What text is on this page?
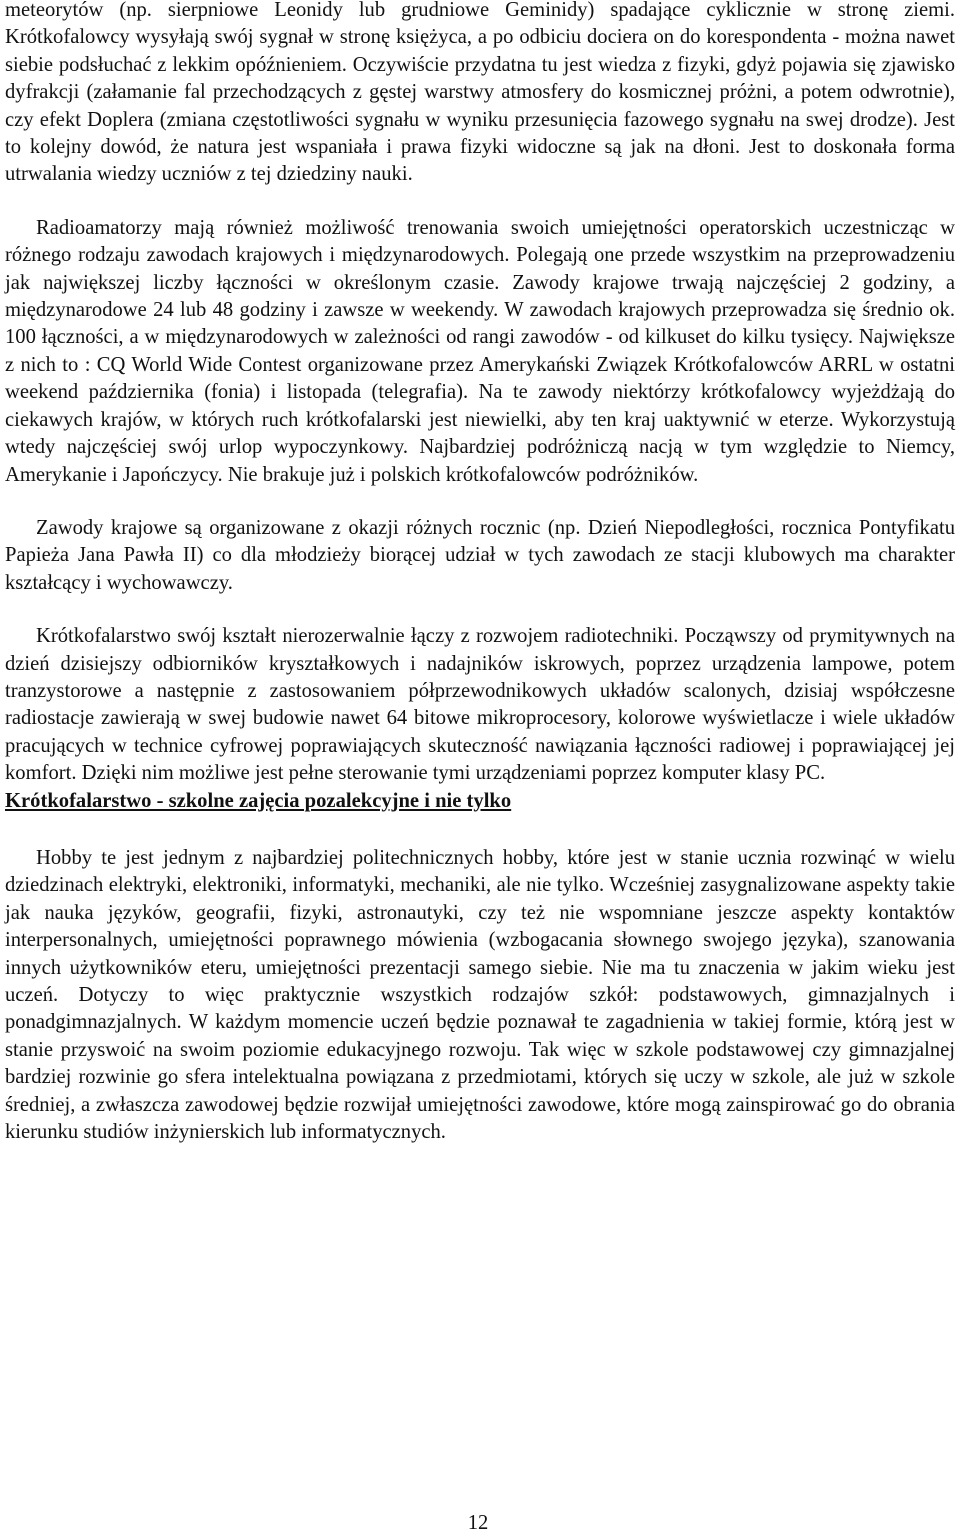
meteorytów (np. sierpniowe Leonidy lub grudniowe Geminidy) spadające cyklicznie w stronę ziemi. Krótkofalowcy wysyłają swój sygnał w stronę księżyca, a po odbiciu dociera on do korespondenta - można nawet siebie podsłuchać z lekkim opóźnieniem. Oczywiście przydatna tu jest wiedza z fizyki, gdyż pojawia się zjawisko dyfrakcji (załamanie fal przechodzących z gęstej warstwy atmosfery do kosmicznej próżni, a potem odwrotnie), czy efekt Doplera (zmiana częstotliwości sygnału w wyniku przesunięcia fazowego sygnału na swej drodze). Jest to kolejny dowód, że natura jest wspaniała i prawa fizyki widoczne są jak na dłoni. Jest to doskonała forma utrwalania wiedzy uczniów z tej dziedziny nauki.

Radioamatorzy mają również możliwość trenowania swoich umiejętności operatorskich uczestnicząc w różnego rodzaju zawodach krajowych i międzynarodowych. Polegają one przede wszystkim na przeprowadzeniu jak największej liczby łączności w określonym czasie. Zawody krajowe trwają najczęściej 2 godziny, a międzynarodowe 24 lub 48 godziny i zawsze w weekendy. W zawodach krajowych przeprowadza się średnio ok. 100 łączności, a w międzynarodowych w zależności od rangi zawodów - od kilkuset do kilku tysięcy. Największe z nich to : CQ World Wide Contest organizowane przez Amerykański Związek Krótkofalowców ARRL w ostatni weekend października (fonia) i listopada (telegrafia). Na te zawody niektórzy krótkofalowcy wyjeżdżają do ciekawych krajów, w których ruch krótkofalarski jest niewielki, aby ten kraj uaktywnić w eterze. Wykorzystują wtedy najczęściej swój urlop wypoczynkowy. Najbardziej podróżniczą nacją w tym względzie to Niemcy, Amerykanie i Japończycy. Nie brakuje już i polskich krótkofalowców podróżników.

Zawody krajowe są organizowane z okazji różnych rocznic (np. Dzień Niepodległości, rocznica Pontyfikatu Papieża Jana Pawła II) co dla młodzieży biorącej udział w tych zawodach ze stacji klubowych ma charakter kształcący i wychowawczy.

Krótkofalarstwo swój kształt nierozerwalnie łączy z rozwojem radiotechniki. Począwszy od prymitywnych na dzień dzisiejszy odbiorników kryształkowych i nadajników iskrowych, poprzez urządzenia lampowe, potem tranzystorowe a następnie z zastosowaniem półprzewodnikowych układów scalonych, dzisiaj współczesne radiostacje zawierają w swej budowie nawet 64 bitowe mikroprocesory, kolorowe wyświetlacze i wiele układów pracujących w technice cyfrowej poprawiających skuteczność nawiązania łączności radiowej i poprawiającej jej komfort. Dzięki nim możliwe jest pełne sterowanie tymi urządzeniami poprzez komputer klasy PC.

Krótkofalarstwo - szkolne zajęcia pozalekcyjne i nie tylko

Hobby te jest jednym z najbardziej politechnicznych hobby, które jest w stanie ucznia rozwinąć w wielu dziedzinach elektryki, elektroniki, informatyki, mechaniki, ale nie tylko. Wcześniej zasygnalizowane aspekty takie jak nauka języków, geografii, fizyki, astronautyki, czy też nie wspomniane jeszcze aspekty kontaktów interpersonalnych, umiejętności poprawnego mówienia (wzbogacania słownego swojego języka), szanowania innych użytkowników eteru, umiejętności prezentacji samego siebie. Nie ma tu znaczenia w jakim wieku jest uczeń. Dotyczy to więc praktycznie wszystkich rodzajów szkół: podstawowych, gimnazjalnych i ponadgimnazjalnych. W każdym momencie uczeń będzie poznawał te zagadnienia w takiej formie, którą jest w stanie przyswoić na swoim poziomie edukacyjnego rozwoju. Tak więc w szkole podstawowej czy gimnazjalnej bardziej rozwinie go sfera intelektualna powiązana z przedmiotami, których się uczy w szkole, ale już w szkole średniej, a zwłaszcza zawodowej będzie rozwijał umiejętności zawodowe, które mogą zainspirować go do obrania kierunku studiów inżynierskich lub informatycznych.

12
